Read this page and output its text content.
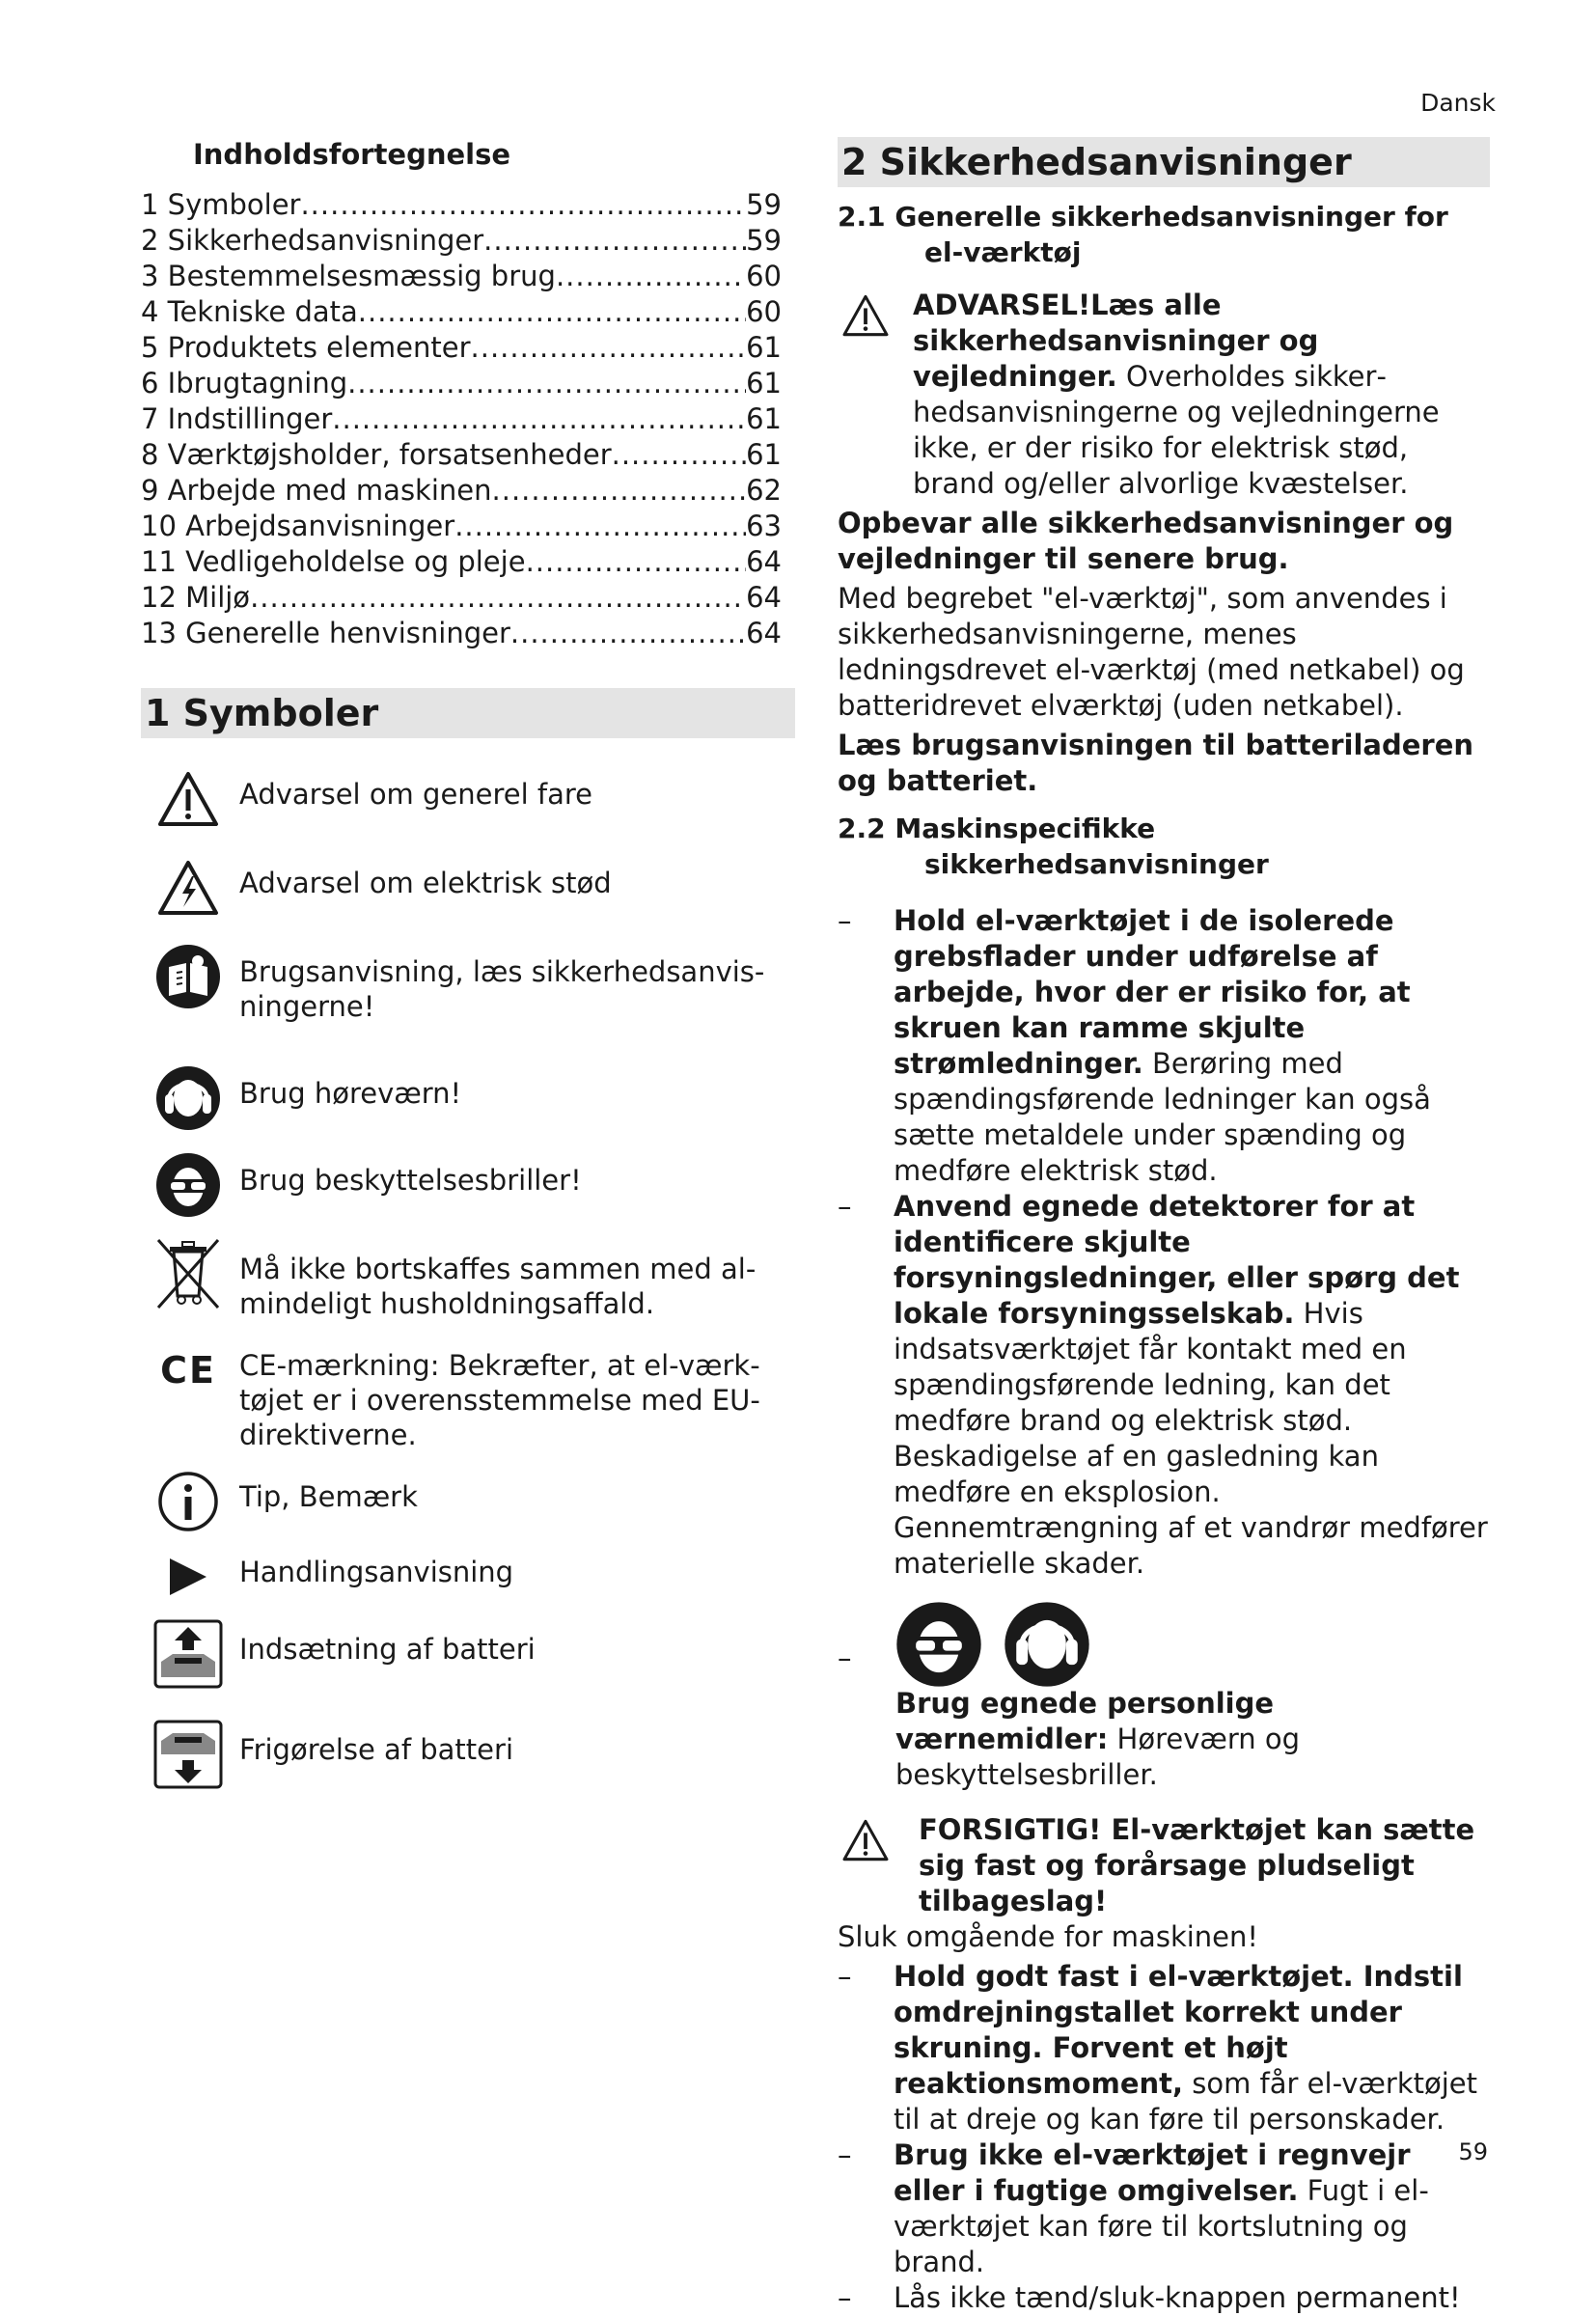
Dansk
Indholdsfortegnelse
1 Symboler .....	59
2 Sikkerhedsanvisninger .....	59
3 Bestemmelsesmæssig brug .....	60
4 Tekniske data .....	60
5 Produktets elementer .....	61
6 Ibrugtagning .....	61
7 Indstillinger .....	61
8 Værktøjsholder, forsatsenheder .....	61
9 Arbejde med maskinen .....	62
10 Arbejdsanvisninger .....	63
11 Vedligeholdelse og pleje .....	64
12 Miljø .....	64
13 Generelle henvisninger .....	64
1 Symboler
Advarsel om generel fare
Advarsel om elektrisk stød
Brugsanvisning, læs sikkerhedsanvisningerne!
Brug høreværn!
Brug beskyttelsesbriller!
Må ikke bortskaffes sammen med almindeligt husholdningsaffald.
CE CE-mærkning: Bekræfter, at el-værktøjet er i overensstemmelse med EU-direktiverne.
Tip, Bemærk
Handlingsanvisning
Indsætning af batteri
Frigørelse af batteri
2 Sikkerhedsanvisninger
2.1 Generelle sikkerhedsanvisninger for
el-værktøj
ADVARSEL!Læs alle sikkerhedsanvisninger og vejledninger. Overholdes sikkerhedsanvisningerne og vejledningerne ikke, er der risiko for elektrisk stød, brand og/eller alvorlige kvæstelser.
Opbevar alle sikkerhedsanvisninger og vejledninger til senere brug.
Med begrebet "el-værktøj", som anvendes i sikkerhedsanvisningerne, menes ledningsdrevet el-værktøj (med netkabel) og batteridrevet elværktøj (uden netkabel).
Læs brugsanvisningen til batteriladeren og batteriet.
2.2 Maskinspecifikke
sikkerhedsanvisninger
– Hold el-værktøjet i de isolerede grebsflader under udførelse af arbejde, hvor der er risiko for, at skruen kan ramme skjulte strømledninger. Berøring med spændingsførende ledninger kan også sætte metaldele under spænding og medføre elektrisk stød.
– Anvend egnede detektorer for at identificere skjulte forsyningsledninger, eller spørg det lokale forsyningsselskab. Hvis indsatsværktøjet får kontakt med en spændingsførende ledning, kan det medføre brand og elektrisk stød. Beskadigelse af en gasledning kan medføre en eksplosion. Gennemtrængning af et vandrør medfører materielle skader.
–
Brug egnede personlige værnemidler: Høreværn og beskyttelsesbriller.
FORSIGTIG! El-værktøjet kan sætte sig fast og forårsage pludseligt tilbageslag!
Sluk omgående for maskinen!
– Hold godt fast i el-værktøjet. Indstil omdrejningstallet korrekt under skruning. Forvent et højt reaktionsmoment, som får el-værktøjet til at dreje og kan føre til personskader.
– Brug ikke el-værktøjet i regnvejr eller i fugtige omgivelser. Fugt i el-værktøjet kan føre til kortslutning og brand.
– Lås ikke tænd/sluk-knappen permanent!
59
